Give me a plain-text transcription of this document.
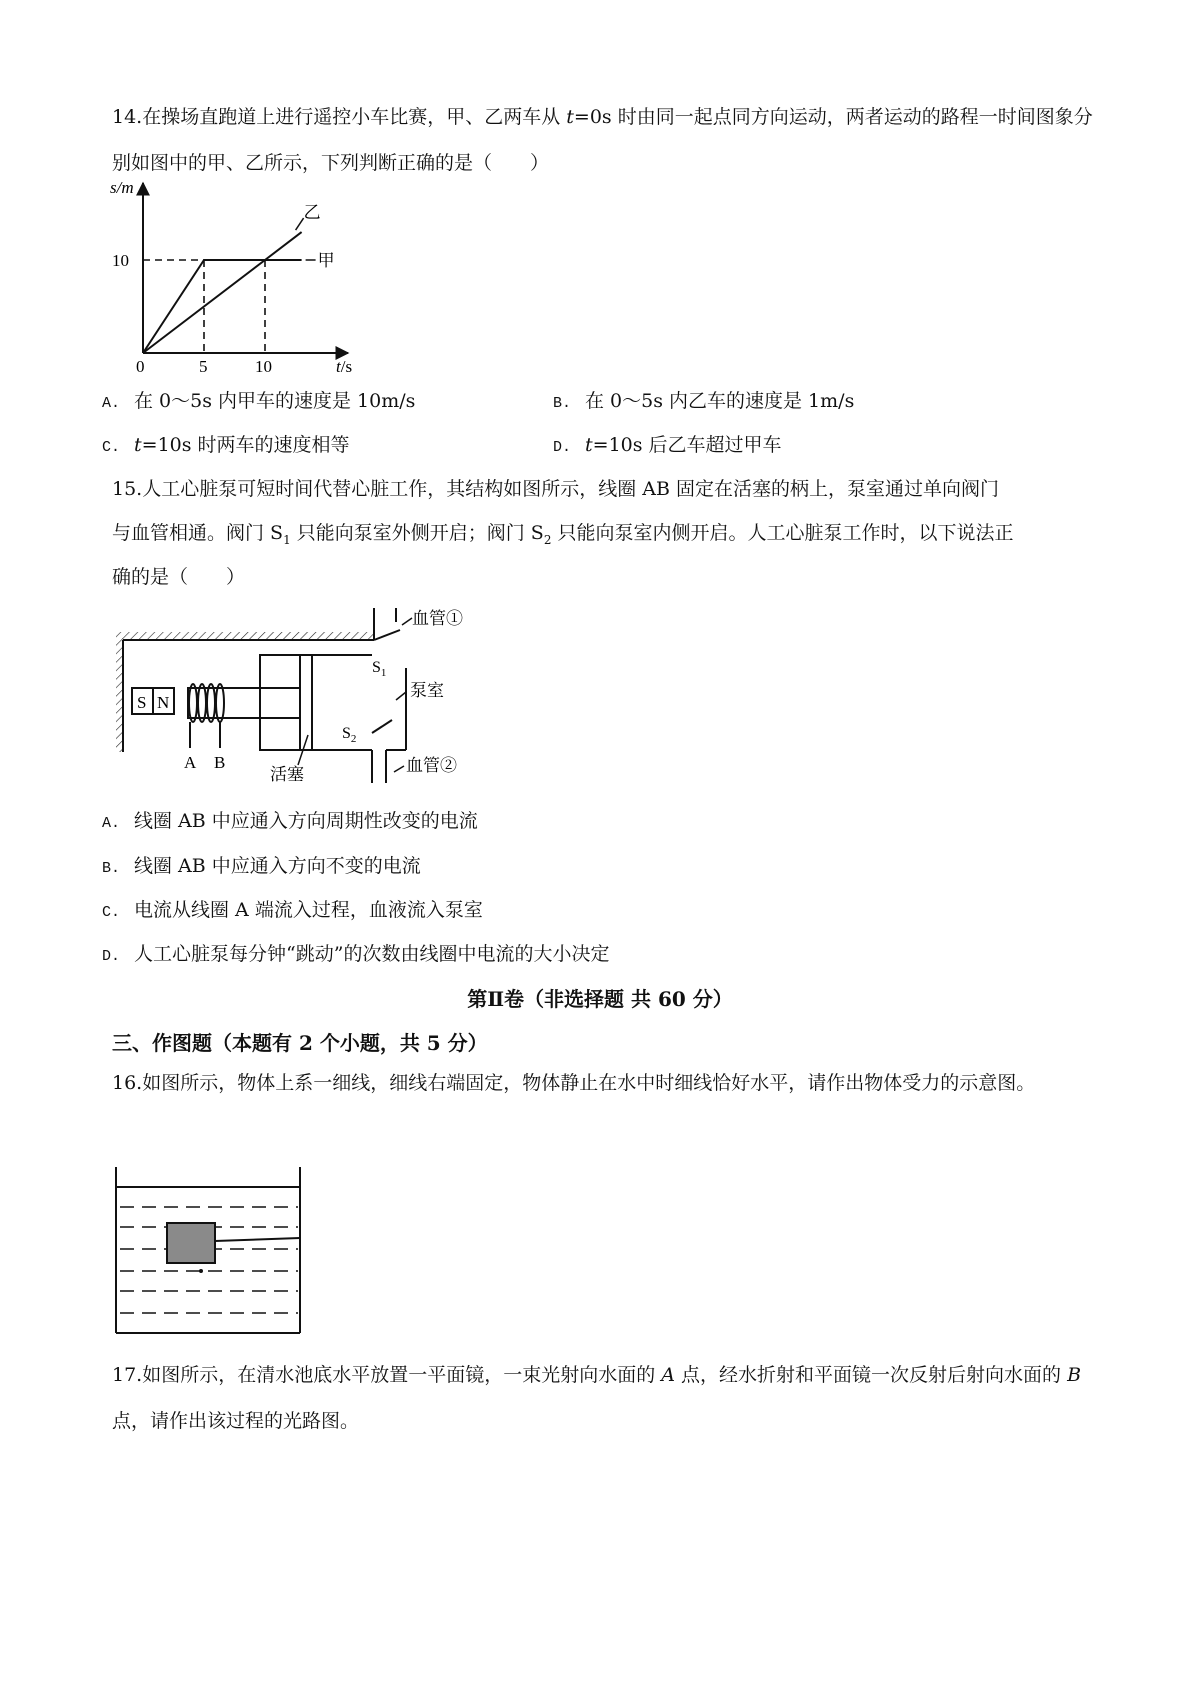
14.在操场直跑道上进行遥控小车比赛，甲、乙两车从 t=0s 时由同一起点同方向运动，两者运动的路程一时间图象分别如图中的甲、乙所示，下列判断正确的是（　　）

s/m
0	t/s
10
5	10
甲
乙
A. 在 0～5s 内甲车的速度是 10m/s	B. 在 0～5s 内乙车的速度是 1m/s
C. t=10s 时两车的速度相等	D. t=10s 后乙车超过甲车
15.人工心脏泵可短时间代替心脏工作，其结构如图所示，线圈 AB 固定在活塞的柄上，泵室通过单向阀门
与血管相通。阀门 $S_1$ 只能向泵室外侧开启；阀门 $S_2$ 只能向泵室内侧开启。人工心脏泵工作时，以下说法正
确的是（　　）
S N
A B
血管①
$S_1$
泵室
$S_2$
血管②
活塞
A. 线圈 AB 中应通入方向周期性改变的电流
B. 线圈 AB 中应通入方向不变的电流
C. 电流从线圈 A 端流入过程，血液流入泵室
D. 人工心脏泵每分钟“跳动”的次数由线圈中电流的大小决定
第Ⅱ卷（非选择题 共 60 分）
三、作图题（本题有 2 个小题，共 5 分）

16.如图所示，物体上系一细线，细线右端固定，物体静止在水中时细线恰好水平，请作出物体受力的示意图。

17.如图所示，在清水池底水平放置一平面镜，一束光射向水面的 A 点，经水折射和平面镜一次反射后射向水面的 B 点，请作出该过程的光路图。
